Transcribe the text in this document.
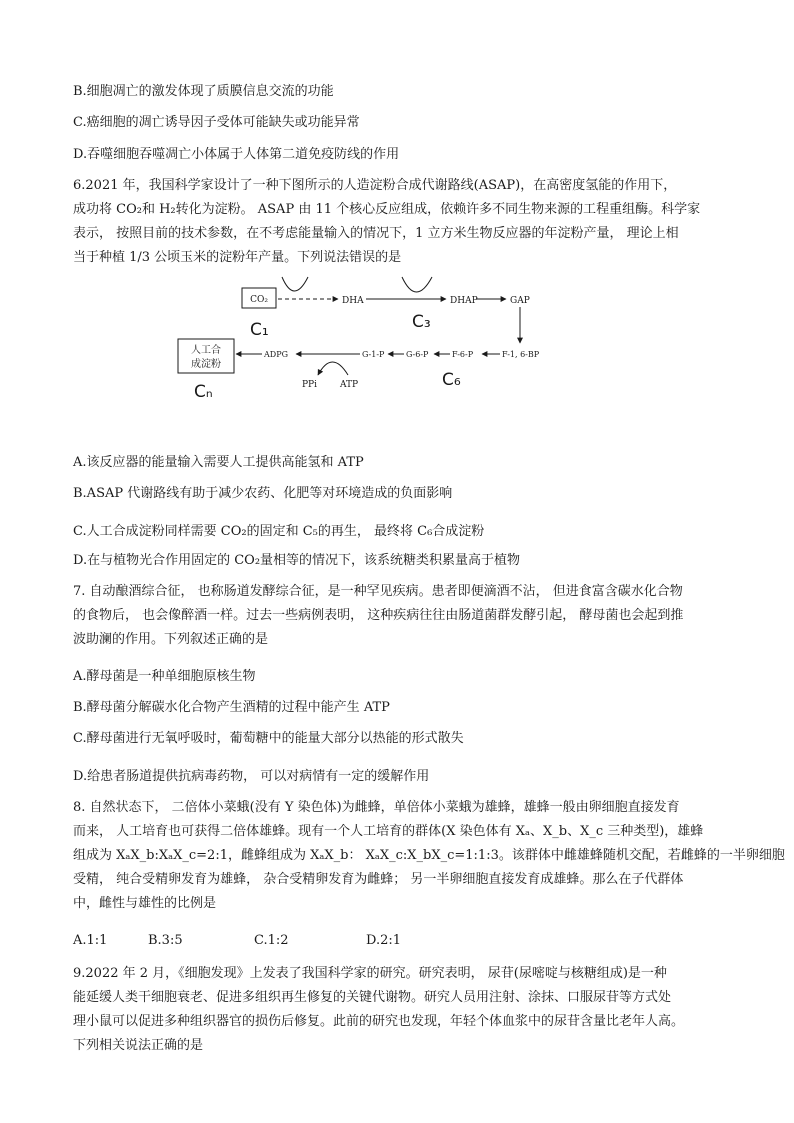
B.细胞凋亡的激发体现了质膜信息交流的功能
C.癌细胞的凋亡诱导因子受体可能缺失或功能异常
D.吞噬细胞吞噬凋亡小体属于人体第二道免疫防线的作用
6.2021 年，我国科学家设计了一种下图所示的人造淀粉合成代谢路线(ASAP)，在高密度氢能的作用下，
成功将 CO₂和 H₂转化为淀粉。 ASAP 由 11 个核心反应组成，依赖许多不同生物来源的工程重组酶。科学家
表示， 按照目前的技术参数，在不考虑能量输入的情况下，1 立方米生物反应器的年淀粉产量， 理论上相
当于种植 1/3 公顷玉米的淀粉年产量。下列说法错误的是
CO₂
C₁
DHA	DHAP
C₃
GAP
人工合
成淀粉
Cₙ
F-1, 6-BP
F-6-P
G-6-P
G-1-P
ADPG
PPi	ATP	C₆
A.该反应器的能量输入需要人工提供高能氢和 ATP
B.ASAP 代谢路线有助于减少农药、化肥等对环境造成的负面影响
C.人工合成淀粉同样需要 CO₂的固定和 C₅的再生， 最终将 C₆合成淀粉
D.在与植物光合作用固定的 CO₂量相等的情况下，该系统糖类积累量高于植物
7. 自动酿酒综合征， 也称肠道发酵综合征，是一种罕见疾病。患者即便滴酒不沾， 但进食富含碳水化合物
的食物后， 也会像醉酒一样。过去一些病例表明， 这种疾病往往由肠道菌群发酵引起， 酵母菌也会起到推
波助澜的作用。下列叙述正确的是
A.酵母菌是一种单细胞原核生物
B.酵母菌分解碳水化合物产生酒精的过程中能产生 ATP
C.酵母菌进行无氧呼吸时，葡萄糖中的能量大部分以热能的形式散失
D.给患者肠道提供抗病毒药物， 可以对病情有一定的缓解作用
8. 自然状态下， 二倍体小菜蛾(没有 Y 染色体)为雌蜂，单倍体小菜蛾为雄蜂，雄蜂一般由卵细胞直接发育
而来， 人工培育也可获得二倍体雄蜂。现有一个人工培育的群体(X 染色体有 Xₐ、X_b、X_c 三种类型)，雄蜂
组成为 XₐX_b:XₐX_c=2:1，雌蜂组成为 XₐX_b： XₐX_c:X_bX_c=1:1:3。该群体中雌雄蜂随机交配，若雌蜂的一半卵细胞
受精， 纯合受精卵发育为雄蜂， 杂合受精卵发育为雌蜂； 另一半卵细胞直接发育成雄蜂。那么在子代群体
中，雌性与雄性的比例是
A.1:1	B.3:5	C.1:2	D.2:1
9.2022 年 2 月，《细胞发现》上发表了我国科学家的研究。研究表明， 尿苷(尿嘧啶与核糖组成)是一种
能延缓人类干细胞衰老、促进多组织再生修复的关键代谢物。研究人员用注射、涂抹、口服尿苷等方式处
理小鼠可以促进多种组织器官的损伤后修复。此前的研究也发现，年轻个体血浆中的尿苷含量比老年人高。
下列相关说法正确的是
